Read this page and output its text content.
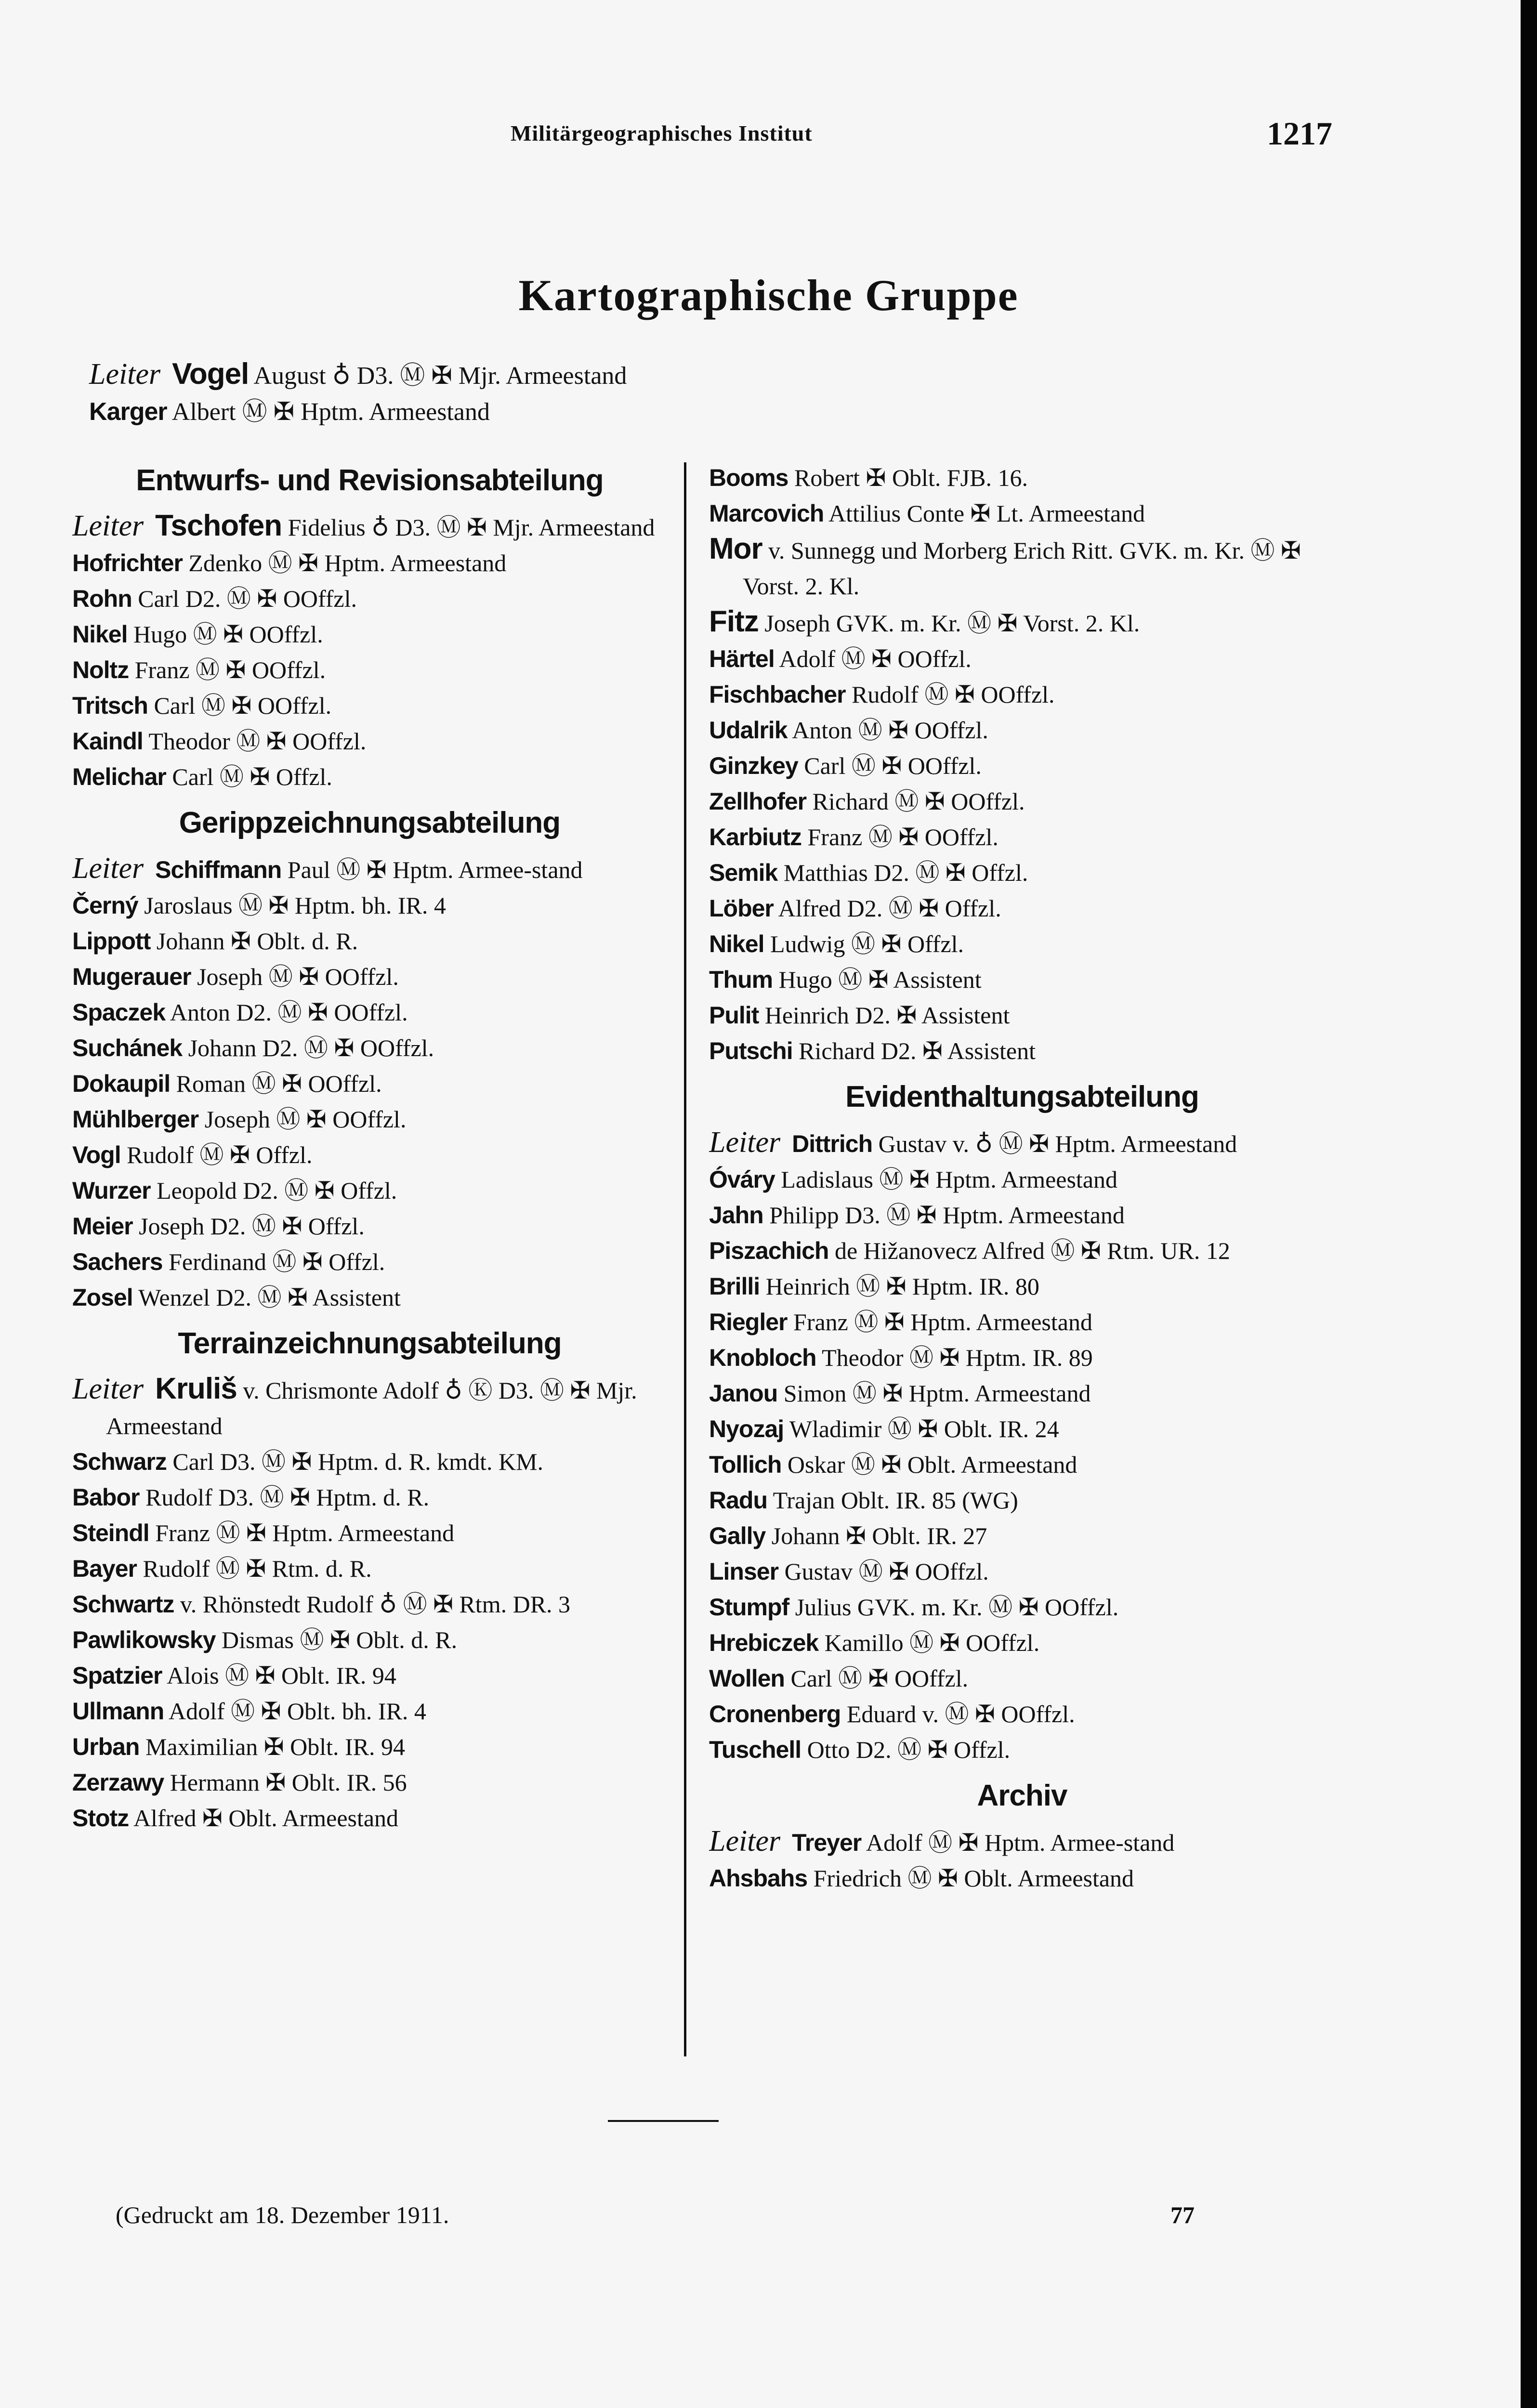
Militärgeographisches Institut	1217
Kartographische Gruppe
Leiter Vogel August ♁ D3. Ⓜ ✠ Mjr. Armeestand
Karger Albert Ⓜ ✠ Hptm. Armeestand
Entwurfs- und Revisionsabteilung
Leiter Tschofen Fidelius ♁ D3. Ⓜ ✠ Mjr. Armeestand
Hofrichter Zdenko Ⓜ ✠ Hptm. Armeestand
Rohn Carl D2. Ⓜ ✠ OOffzl.
Nikel Hugo Ⓜ ✠ OOffzl.
Noltz Franz Ⓜ ✠ OOffzl.
Tritsch Carl Ⓜ ✠ OOffzl.
Kaindl Theodor Ⓜ ✠ OOffzl.
Melichar Carl Ⓜ ✠ Offzl.
Gerippzeichnungsabteilung
Leiter Schiffmann Paul Ⓜ ✠ Hptm. Armee-stand
Černý Jaroslaus Ⓜ ✠ Hptm. bh. IR. 4
Lippott Johann ✠ Oblt. d. R.
Mugerauer Joseph Ⓜ ✠ OOffzl.
Spaczek Anton D2. Ⓜ ✠ OOffzl.
Suchánek Johann D2. Ⓜ ✠ OOffzl.
Dokaupil Roman Ⓜ ✠ OOffzl.
Mühlberger Joseph Ⓜ ✠ OOffzl.
Vogl Rudolf Ⓜ ✠ Offzl.
Wurzer Leopold D2. Ⓜ ✠ Offzl.
Meier Joseph D2. Ⓜ ✠ Offzl.
Sachers Ferdinand Ⓜ ✠ Offzl.
Zosel Wenzel D2. Ⓜ ✠ Assistent
Terrainzeichnungsabteilung
Leiter Kruliš v. Chrismonte Adolf ♁ Ⓚ D3. Ⓜ ✠ Mjr. Armeestand
Schwarz Carl D3. Ⓜ ✠ Hptm. d. R. kmdt. KM.
Babor Rudolf D3. Ⓜ ✠ Hptm. d. R.
Steindl Franz Ⓜ ✠ Hptm. Armeestand
Bayer Rudolf Ⓜ ✠ Rtm. d. R.
Schwartz v. Rhönstedt Rudolf ♁ Ⓜ ✠ Rtm. DR. 3
Pawlikowsky Dismas Ⓜ ✠ Oblt. d. R.
Spatzier Alois Ⓜ ✠ Oblt. IR. 94
Ullmann Adolf Ⓜ ✠ Oblt. bh. IR. 4
Urban Maximilian ✠ Oblt. IR. 94
Zerzawy Hermann ✠ Oblt. IR. 56
Stotz Alfred ✠ Oblt. Armeestand
Booms Robert ✠ Oblt. FJB. 16.
Marcovich Attilius Conte ✠ Lt. Armeestand
Mor v. Sunnegg und Morberg Erich Ritt. GVK. m. Kr. Ⓜ ✠ Vorst. 2. Kl.
Fitz Joseph GVK. m. Kr. Ⓜ ✠ Vorst. 2. Kl.
Härtel Adolf Ⓜ ✠ OOffzl.
Fischbacher Rudolf Ⓜ ✠ OOffzl.
Udalrik Anton Ⓜ ✠ OOffzl.
Ginzkey Carl Ⓜ ✠ OOffzl.
Zellhofer Richard Ⓜ ✠ OOffzl.
Karbiutz Franz Ⓜ ✠ OOffzl.
Semik Matthias D2. Ⓜ ✠ Offzl.
Löber Alfred D2. Ⓜ ✠ Offzl.
Nikel Ludwig Ⓜ ✠ Offzl.
Thum Hugo Ⓜ ✠ Assistent
Pulit Heinrich D2. ✠ Assistent
Putschi Richard D2. ✠ Assistent
Evidenthaltungsabteilung
Leiter Dittrich Gustav v. ♁ Ⓜ ✠ Hptm. Armeestand
Óváry Ladislaus Ⓜ ✠ Hptm. Armeestand
Jahn Philipp D3. Ⓜ ✠ Hptm. Armeestand
Piszachich de Hižanovecz Alfred Ⓜ ✠ Rtm. UR. 12
Brilli Heinrich Ⓜ ✠ Hptm. IR. 80
Riegler Franz Ⓜ ✠ Hptm. Armeestand
Knobloch Theodor Ⓜ ✠ Hptm. IR. 89
Janou Simon Ⓜ ✠ Hptm. Armeestand
Nyozaj Wladimir Ⓜ ✠ Oblt. IR. 24
Tollich Oskar Ⓜ ✠ Oblt. Armeestand
Radu Trajan Oblt. IR. 85 (WG)
Gally Johann ✠ Oblt. IR. 27
Linser Gustav Ⓜ ✠ OOffzl.
Stumpf Julius GVK. m. Kr. Ⓜ ✠ OOffzl.
Hrebiczek Kamillo Ⓜ ✠ OOffzl.
Wollen Carl Ⓜ ✠ OOffzl.
Cronenberg Eduard v. Ⓜ ✠ OOffzl.
Tuschell Otto D2. Ⓜ ✠ Offzl.
Archiv
Leiter Treyer Adolf Ⓜ ✠ Hptm. Armee-stand
Ahsbahs Friedrich Ⓜ ✠ Oblt. Armeestand
(Gedruckt am 18. Dezember 1911.	77
